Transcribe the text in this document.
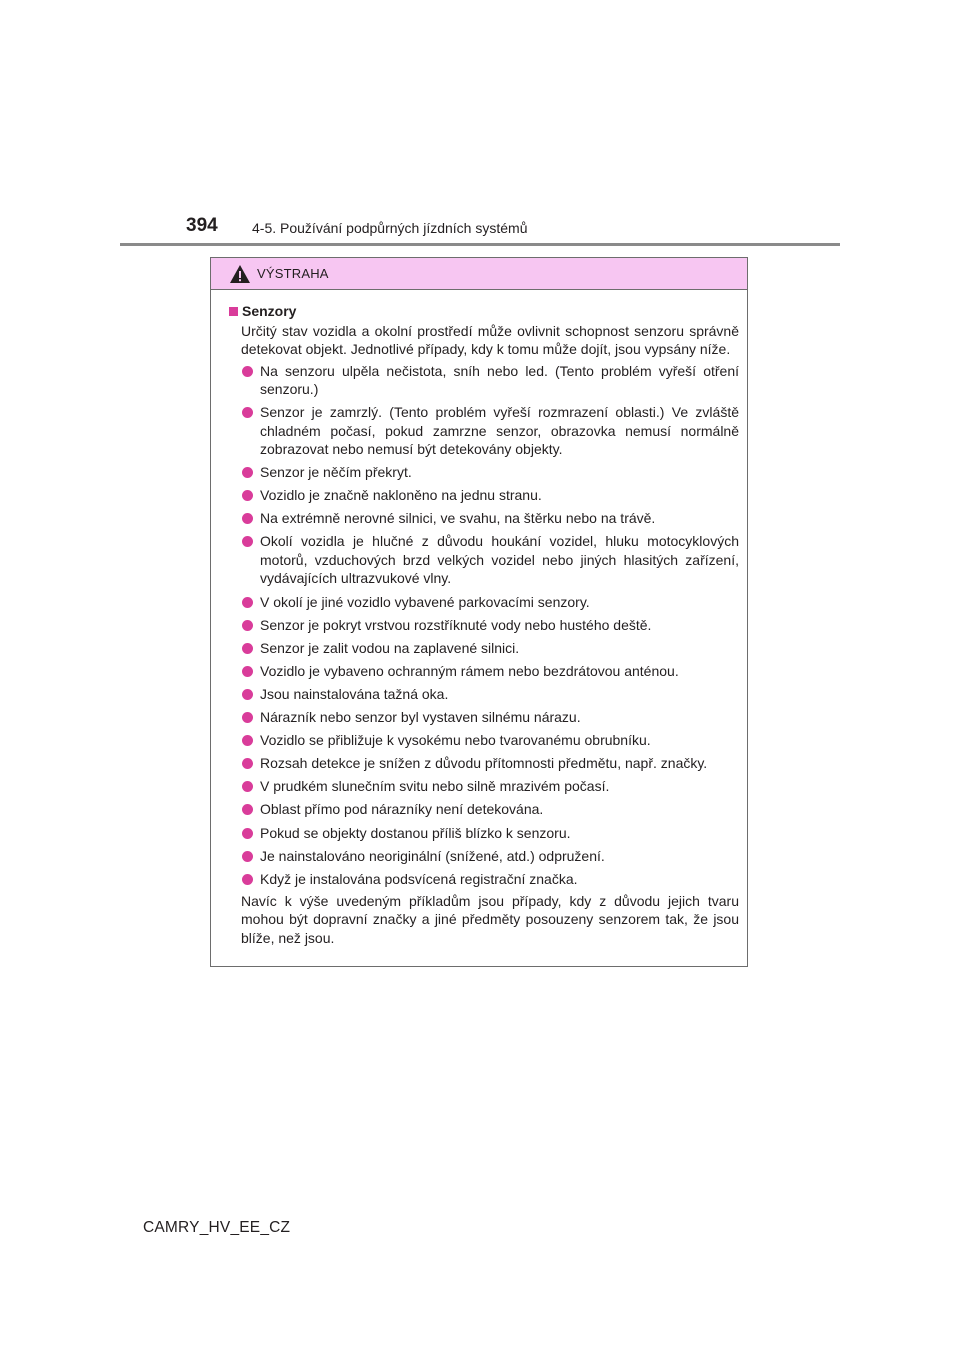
394 4-5. Používání podpůrných jízdních systémů
VÝSTRAHA
Senzory

Určitý stav vozidla a okolní prostředí může ovlivnit schopnost senzoru správně detekovat objekt. Jednotlivé případy, kdy k tomu může dojít, jsou vypsány níže.

Na senzoru ulpěla nečistota, sníh nebo led. (Tento problém vyřeší otření senzoru.)
Senzor je zamrzlý. (Tento problém vyřeší rozmrazení oblasti.) Ve zvláště chladném počasí, pokud zamrzne senzor, obrazovka nemusí normálně zobrazovat nebo nemusí být detekovány objekty.
Senzor je něčím překryt.
Vozidlo je značně nakloněno na jednu stranu.
Na extrémně nerovné silnici, ve svahu, na štěrku nebo na trávě.
Okolí vozidla je hlučné z důvodu houkání vozidel, hluku motocyklových motorů, vzduchových brzd velkých vozidel nebo jiných hlasitých zařízení, vydávajících ultrazvukové vlny.
V okolí je jiné vozidlo vybavené parkovacími senzory.
Senzor je pokryt vrstvou rozstříknuté vody nebo hustého deště.
Senzor je zalit vodou na zaplavené silnici.
Vozidlo je vybaveno ochranným rámem nebo bezdrátovou anténou.
Jsou nainstalována tažná oka.
Nárazník nebo senzor byl vystaven silnému nárazu.
Vozidlo se přibližuje k vysokému nebo tvarovanému obrubníku.
Rozsah detekce je snížen z důvodu přítomnosti předmětu, např. značky.
V prudkém slunečním svitu nebo silně mrazivém počasí.
Oblast přímo pod nárazníky není detekována.
Pokud se objekty dostanou příliš blízko k senzoru.
Je nainstalováno neoriginální (snížené, atd.) odpružení.
Když je instalována podsvícená registrační značka.

Navíc k výše uvedeným příkladům jsou případy, kdy z důvodu jejich tvaru mohou být dopravní značky a jiné předměty posouzeny senzorem tak, že jsou blíže, než jsou.

CAMRY_HV_EE_CZ
